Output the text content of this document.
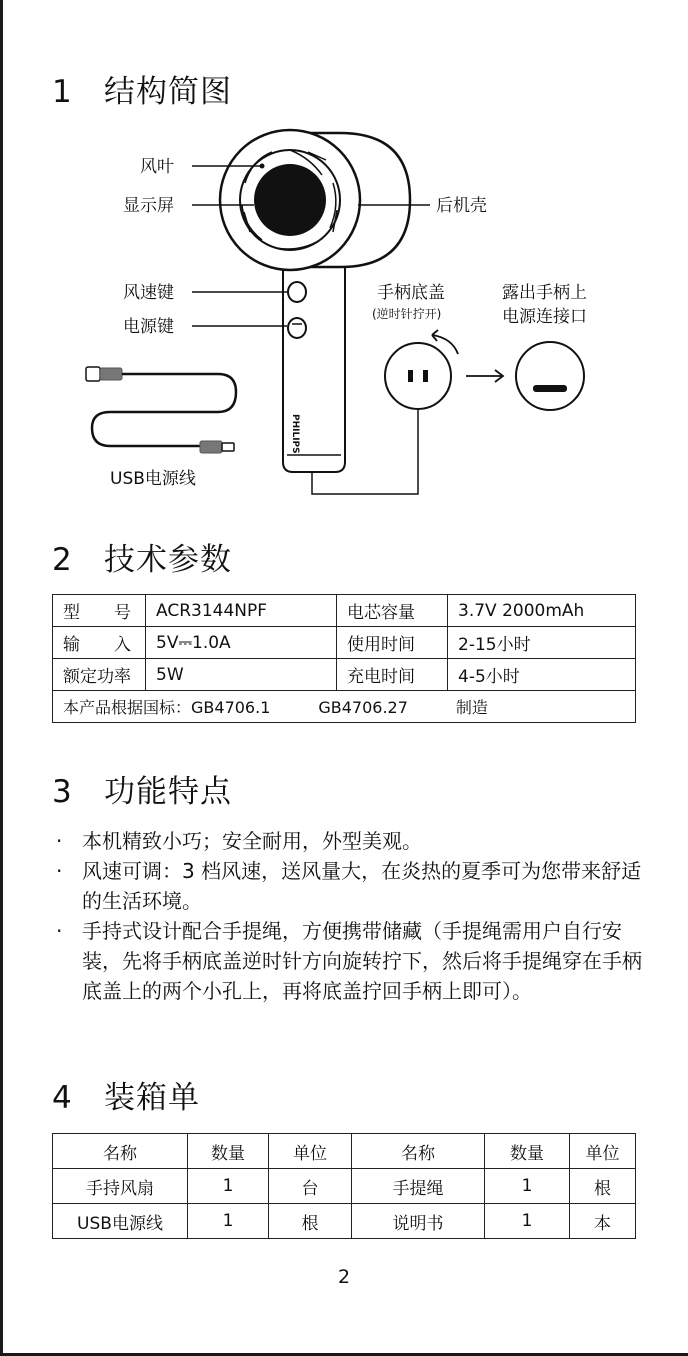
1 结构简图
2 技术参数
3 功能特点
4 装箱单
PHILIPS
风叶
显示屏	后机壳
风速键
电源键
USB电源线
手柄底盖
(逆时针拧开)
露出手柄上
电源连接口
型　　号	ACR3144NPF	电芯容量	3.7V 2000mAh
输　　入	5V⎓1.0A	使用时间	2-15小时
额定功率	5W	充电时间	4-5小时
本产品根据国标：GB4706.1 GB4706.27 制造			
· 本机精致小巧；安全耐用，外型美观。
· 风速可调：3 档风速，送风量大，在炎热的夏季可为您带来舒适的生活环境。
· 手持式设计配合手提绳，方便携带储藏（手提绳需用户自行安装，先将手柄底盖逆时针方向旋转拧下，然后将手提绳穿在手柄底盖上的两个小孔上，再将底盖拧回手柄上即可）。
名称	数量	单位	名称	数量	单位
手持风扇	1	台	手提绳	1	根
USB电源线	1	根	说明书	1	本
2
